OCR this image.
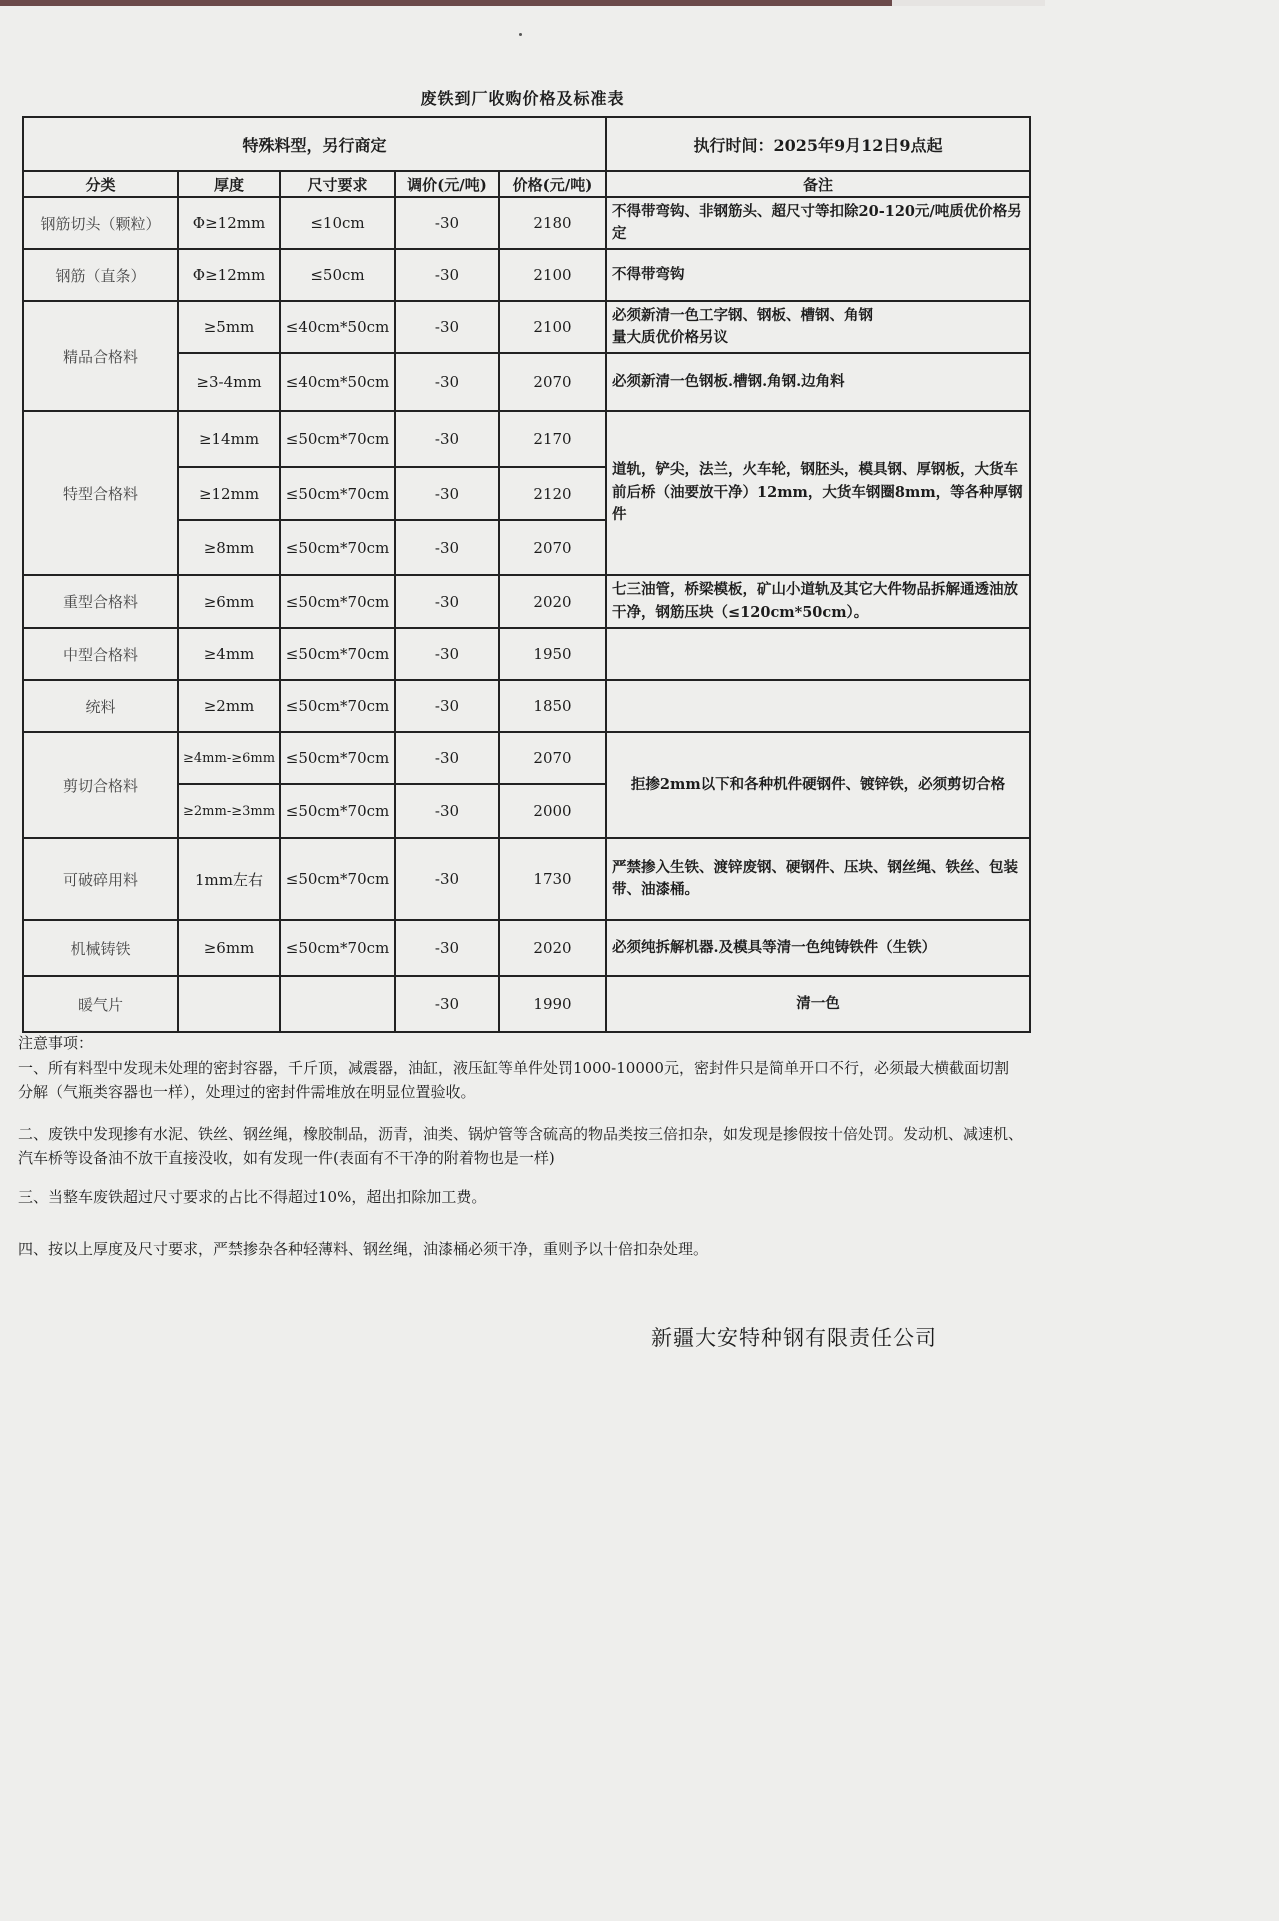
废铁到厂收购价格及标准表
特殊料型，另行商定					执行时间：2025年9月12日9点起
分类	厚度	尺寸要求	调价(元/吨)	价格(元/吨)	备注
钢筋切头（颗粒）	Φ≥12mm	≤10cm	-30	2180	不得带弯钩、非钢筋头、超尺寸等扣除20-120元/吨质优价格另定
钢筋（直条）	Φ≥12mm	≤50cm	-30	2100	不得带弯钩
精品合格料	≥5mm	≤40cm*50cm	-30	2100	必须新清一色工字钢、钢板、槽钢、角钢
量大质优价格另议
	≥3-4mm	≤40cm*50cm	-30	2070	必须新清一色钢板.槽钢.角钢.边角料
特型合格料	≥14mm	≤50cm*70cm	-30	2170	道轨，铲尖，法兰，火车轮，钢胚头，模具钢、厚钢板，大货车前后桥（油要放干净）12mm，大货车钢圈8mm，等各种厚钢件
	≥12mm	≤50cm*70cm	-30	2120	
	≥8mm	≤50cm*70cm	-30	2070	
重型合格料	≥6mm	≤50cm*70cm	-30	2020	七三油管，桥梁模板，矿山小道轨及其它大件物品拆解通透油放干净，钢筋压块（≤120cm*50cm）。
中型合格料	≥4mm	≤50cm*70cm	-30	1950	
统料	≥2mm	≤50cm*70cm	-30	1850	
剪切合格料	≥4mm-≥6mm	≤50cm*70cm	-30	2070	拒掺2mm以下和各种机件硬钢件、镀锌铁，必须剪切合格
	≥2mm-≥3mm	≤50cm*70cm	-30	2000	
可破碎用料	1mm左右	≤50cm*70cm	-30	1730	严禁掺入生铁、渡锌废钢、硬钢件、压块、钢丝绳、铁丝、包装带、油漆桶。
机械铸铁	≥6mm	≤50cm*70cm	-30	2020	必须纯拆解机器.及模具等清一色纯铸铁件（生铁）
暖气片			-30	1990	清一色
注意事项：
一、所有料型中发现未处理的密封容器，千斤顶，减震器，油缸，液压缸等单件处罚1000-10000元，密封件只是简单开口不行，必须最大横截面切割分解（气瓶类容器也一样），处理过的密封件需堆放在明显位置验收。
二、废铁中发现掺有水泥、铁丝、钢丝绳，橡胶制品，沥青，油类、锅炉管等含硫高的物品类按三倍扣杂，如发现是掺假按十倍处罚。发动机、减速机、汽车桥等设备油不放干直接没收，如有发现一件(表面有不干净的附着物也是一样)
三、当整车废铁超过尺寸要求的占比不得超过10%，超出扣除加工费。
四、按以上厚度及尺寸要求，严禁掺杂各种轻薄料、钢丝绳，油漆桶必须干净，重则予以十倍扣杂处理。
新疆大安特种钢有限责任公司
